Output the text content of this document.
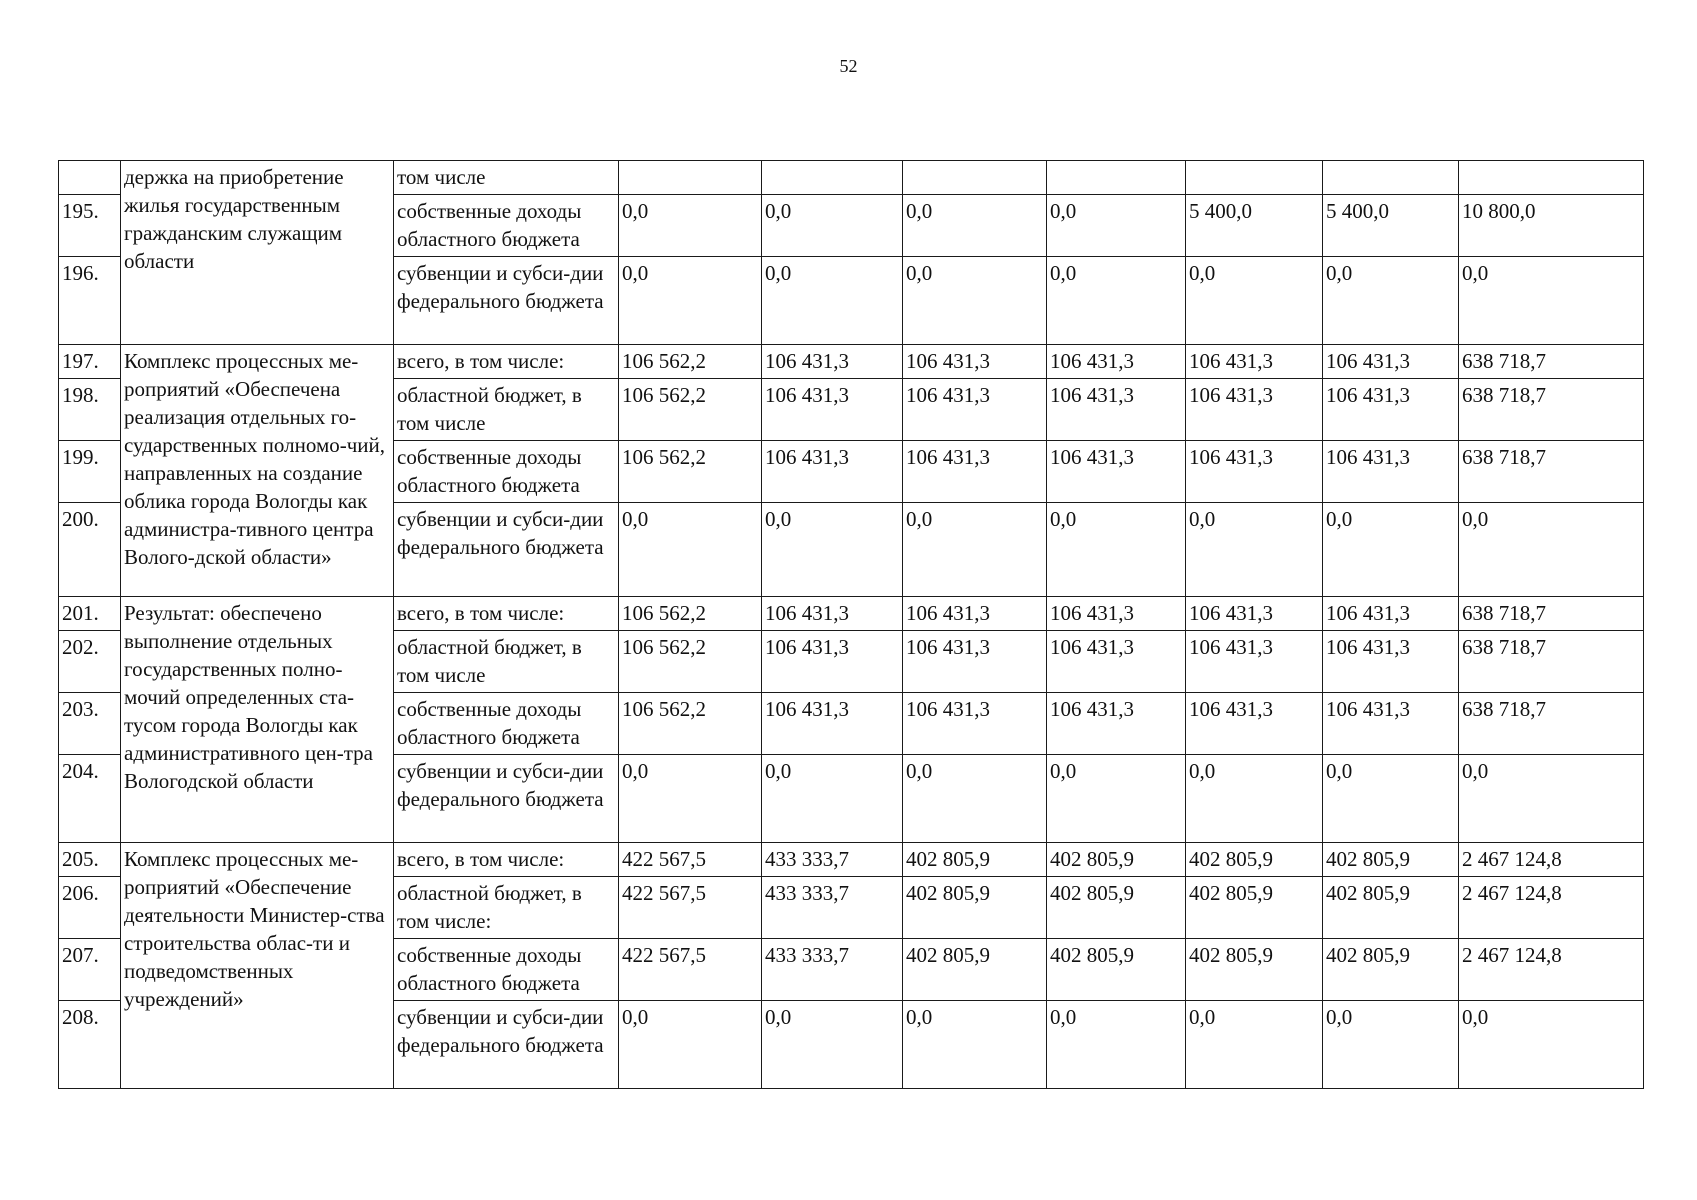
52
	держка на приобретение жилья государственным гражданским служащим области	том числе							
195.		собственные доходы областного бюджета	0,0	0,0	0,0	0,0	5 400,0	5 400,0	10 800,0
196.		субвенции и субси-дии федерального бюджета	0,0	0,0	0,0	0,0	0,0	0,0	0,0
197.	Комплекс процессных ме-роприятий «Обеспечена реализация отдельных го-сударственных полномо-чий, направленных на создание облика города Вологды как администра-тивного центра Волого-дской области»	всего, в том числе:	106 562,2	106 431,3	106 431,3	106 431,3	106 431,3	106 431,3	638 718,7
198.		областной бюджет, в том числе	106 562,2	106 431,3	106 431,3	106 431,3	106 431,3	106 431,3	638 718,7
199.		собственные доходы областного бюджета	106 562,2	106 431,3	106 431,3	106 431,3	106 431,3	106 431,3	638 718,7
200.		субвенции и субси-дии федерального бюджета	0,0	0,0	0,0	0,0	0,0	0,0	0,0
201.	Результат: обеспечено выполнение отдельных государственных полно-мочий определенных ста-тусом города Вологды как административного цен-тра Вологодской области	всего, в том числе:	106 562,2	106 431,3	106 431,3	106 431,3	106 431,3	106 431,3	638 718,7
202.		областной бюджет, в том числе	106 562,2	106 431,3	106 431,3	106 431,3	106 431,3	106 431,3	638 718,7
203.		собственные доходы областного бюджета	106 562,2	106 431,3	106 431,3	106 431,3	106 431,3	106 431,3	638 718,7
204.		субвенции и субси-дии федерального бюджета	0,0	0,0	0,0	0,0	0,0	0,0	0,0
205.	Комплекс процессных ме-роприятий «Обеспечение деятельности Министер-ства строительства облас-ти и подведомственных учреждений»	всего, в том числе:	422 567,5	433 333,7	402 805,9	402 805,9	402 805,9	402 805,9	2 467 124,8
206.		областной бюджет, в том числе:	422 567,5	433 333,7	402 805,9	402 805,9	402 805,9	402 805,9	2 467 124,8
207.		собственные доходы областного бюджета	422 567,5	433 333,7	402 805,9	402 805,9	402 805,9	402 805,9	2 467 124,8
208.		субвенции и субси-дии федерального бюджета	0,0	0,0	0,0	0,0	0,0	0,0	0,0
